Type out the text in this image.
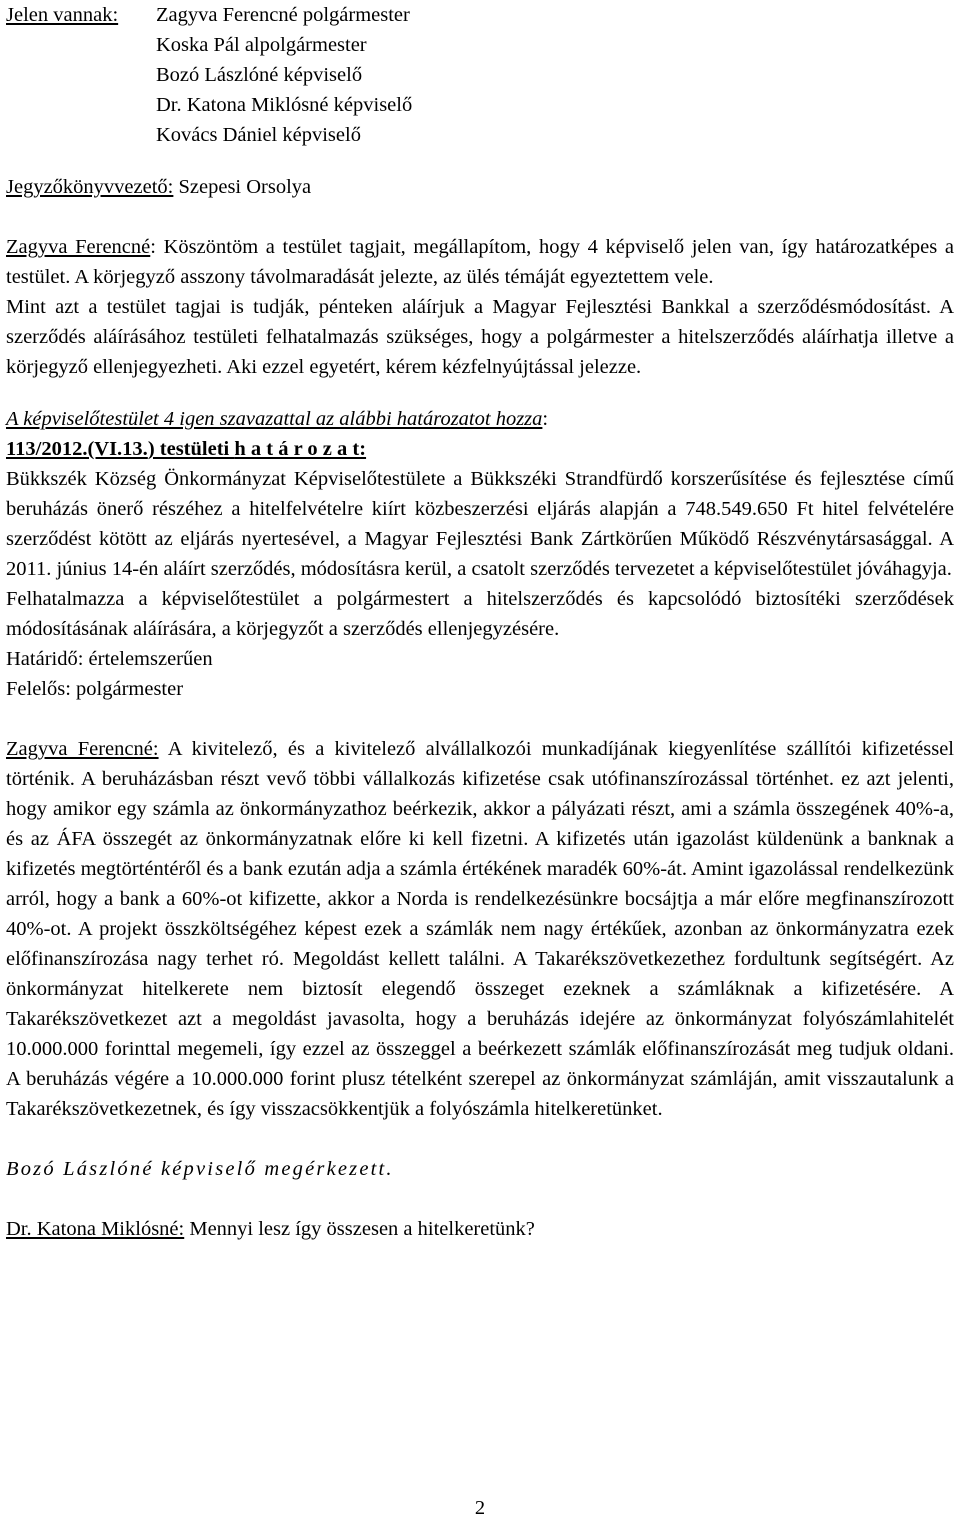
Jelen vannak:	Zagyva Ferencné polgármester
Koska Pál alpolgármester
Bozó Lászlóné képviselő
Dr. Katona Miklósné képviselő
Kovács Dániel képviselő
Jegyzőkönyvvezető: Szepesi Orsolya
Zagyva Ferencné: Köszöntöm a testület tagjait, megállapítom, hogy 4 képviselő jelen van, így határozatképes a testület. A körjegyző asszony távolmaradását jelezte, az ülés témáját egyeztettem vele.
Mint azt a testület tagjai is tudják, pénteken aláírjuk a Magyar Fejlesztési Bankkal a szerződésmódosítást. A szerződés aláírásához testületi felhatalmazás szükséges, hogy a polgármester a hitelszerződés aláírhatja illetve a körjegyző ellenjegyezheti. Aki ezzel egyetért, kérem kézfelnyújtással jelezze.
A képviselőtestület 4 igen szavazattal az alábbi határozatot hozza:
113/2012.(VI.13.) testületi h a t á r o z a t:
Bükkszék Község Önkormányzat Képviselőtestülete a Bükkszéki Strandfürdő korszerűsítése és fejlesztése című beruházás önerő részéhez a hitelfelvételre kiírt közbeszerzési eljárás alapján a 748.549.650 Ft hitel felvételére szerződést kötött az eljárás nyertesével, a Magyar Fejlesztési Bank Zártkörűen Működő Részvénytársasággal. A 2011. június 14-én aláírt szerződés, módosításra kerül, a csatolt szerződés tervezetet a képviselőtestület jóváhagyja.
Felhatalmazza a képviselőtestület a polgármestert a hitelszerződés és kapcsolódó biztosítéki szerződések módosításának aláírására, a körjegyzőt a szerződés ellenjegyzésére.
Határidő: értelemszerűen
Felelős: polgármester
Zagyva Ferencné: A kivitelező, és a kivitelező alvállalkozói munkadíjának kiegyenlítése szállítói kifizetéssel történik. A beruházásban részt vevő többi vállalkozás kifizetése csak utófinanszírozással történhet. ez azt jelenti, hogy amikor egy számla az önkormányzathoz beérkezik, akkor a pályázati részt, ami a számla összegének 40%-a, és az ÁFA összegét az önkormányzatnak előre ki kell fizetni. A kifizetés után igazolást küldenünk a banknak a kifizetés megtörténtéről és a bank ezután adja a számla értékének maradék 60%-át. Amint igazolással rendelkezünk arról, hogy a bank a 60%-ot kifizette, akkor a Norda is rendelkezésünkre bocsájtja a már előre megfinanszírozott 40%-ot. A projekt összköltségéhez képest ezek a számlák nem nagy értékűek, azonban az önkormányzatra ezek előfinanszírozása nagy terhet ró. Megoldást kellett találni. A Takarékszövetkezethez fordultunk segítségért. Az önkormányzat hitelkerete nem biztosít elegendő összeget ezeknek a számláknak a kifizetésére. A Takarékszövetkezet azt a megoldást javasolta, hogy a beruházás idejére az önkormányzat folyószámlahitelét 10.000.000 forinttal megemeli, így ezzel az összeggel a beérkezett számlák előfinanszírozását meg tudjuk oldani. A beruházás végére a 10.000.000 forint plusz tételként szerepel az önkormányzat számláján, amit visszautalunk a Takarékszövetkezetnek, és így visszacsökkentjük a folyószámla hitelkeretünket.
Bozó Lászlóné képviselő megérkezett.
Dr. Katona Miklósné: Mennyi lesz így összesen a hitelkeretünk?
2
